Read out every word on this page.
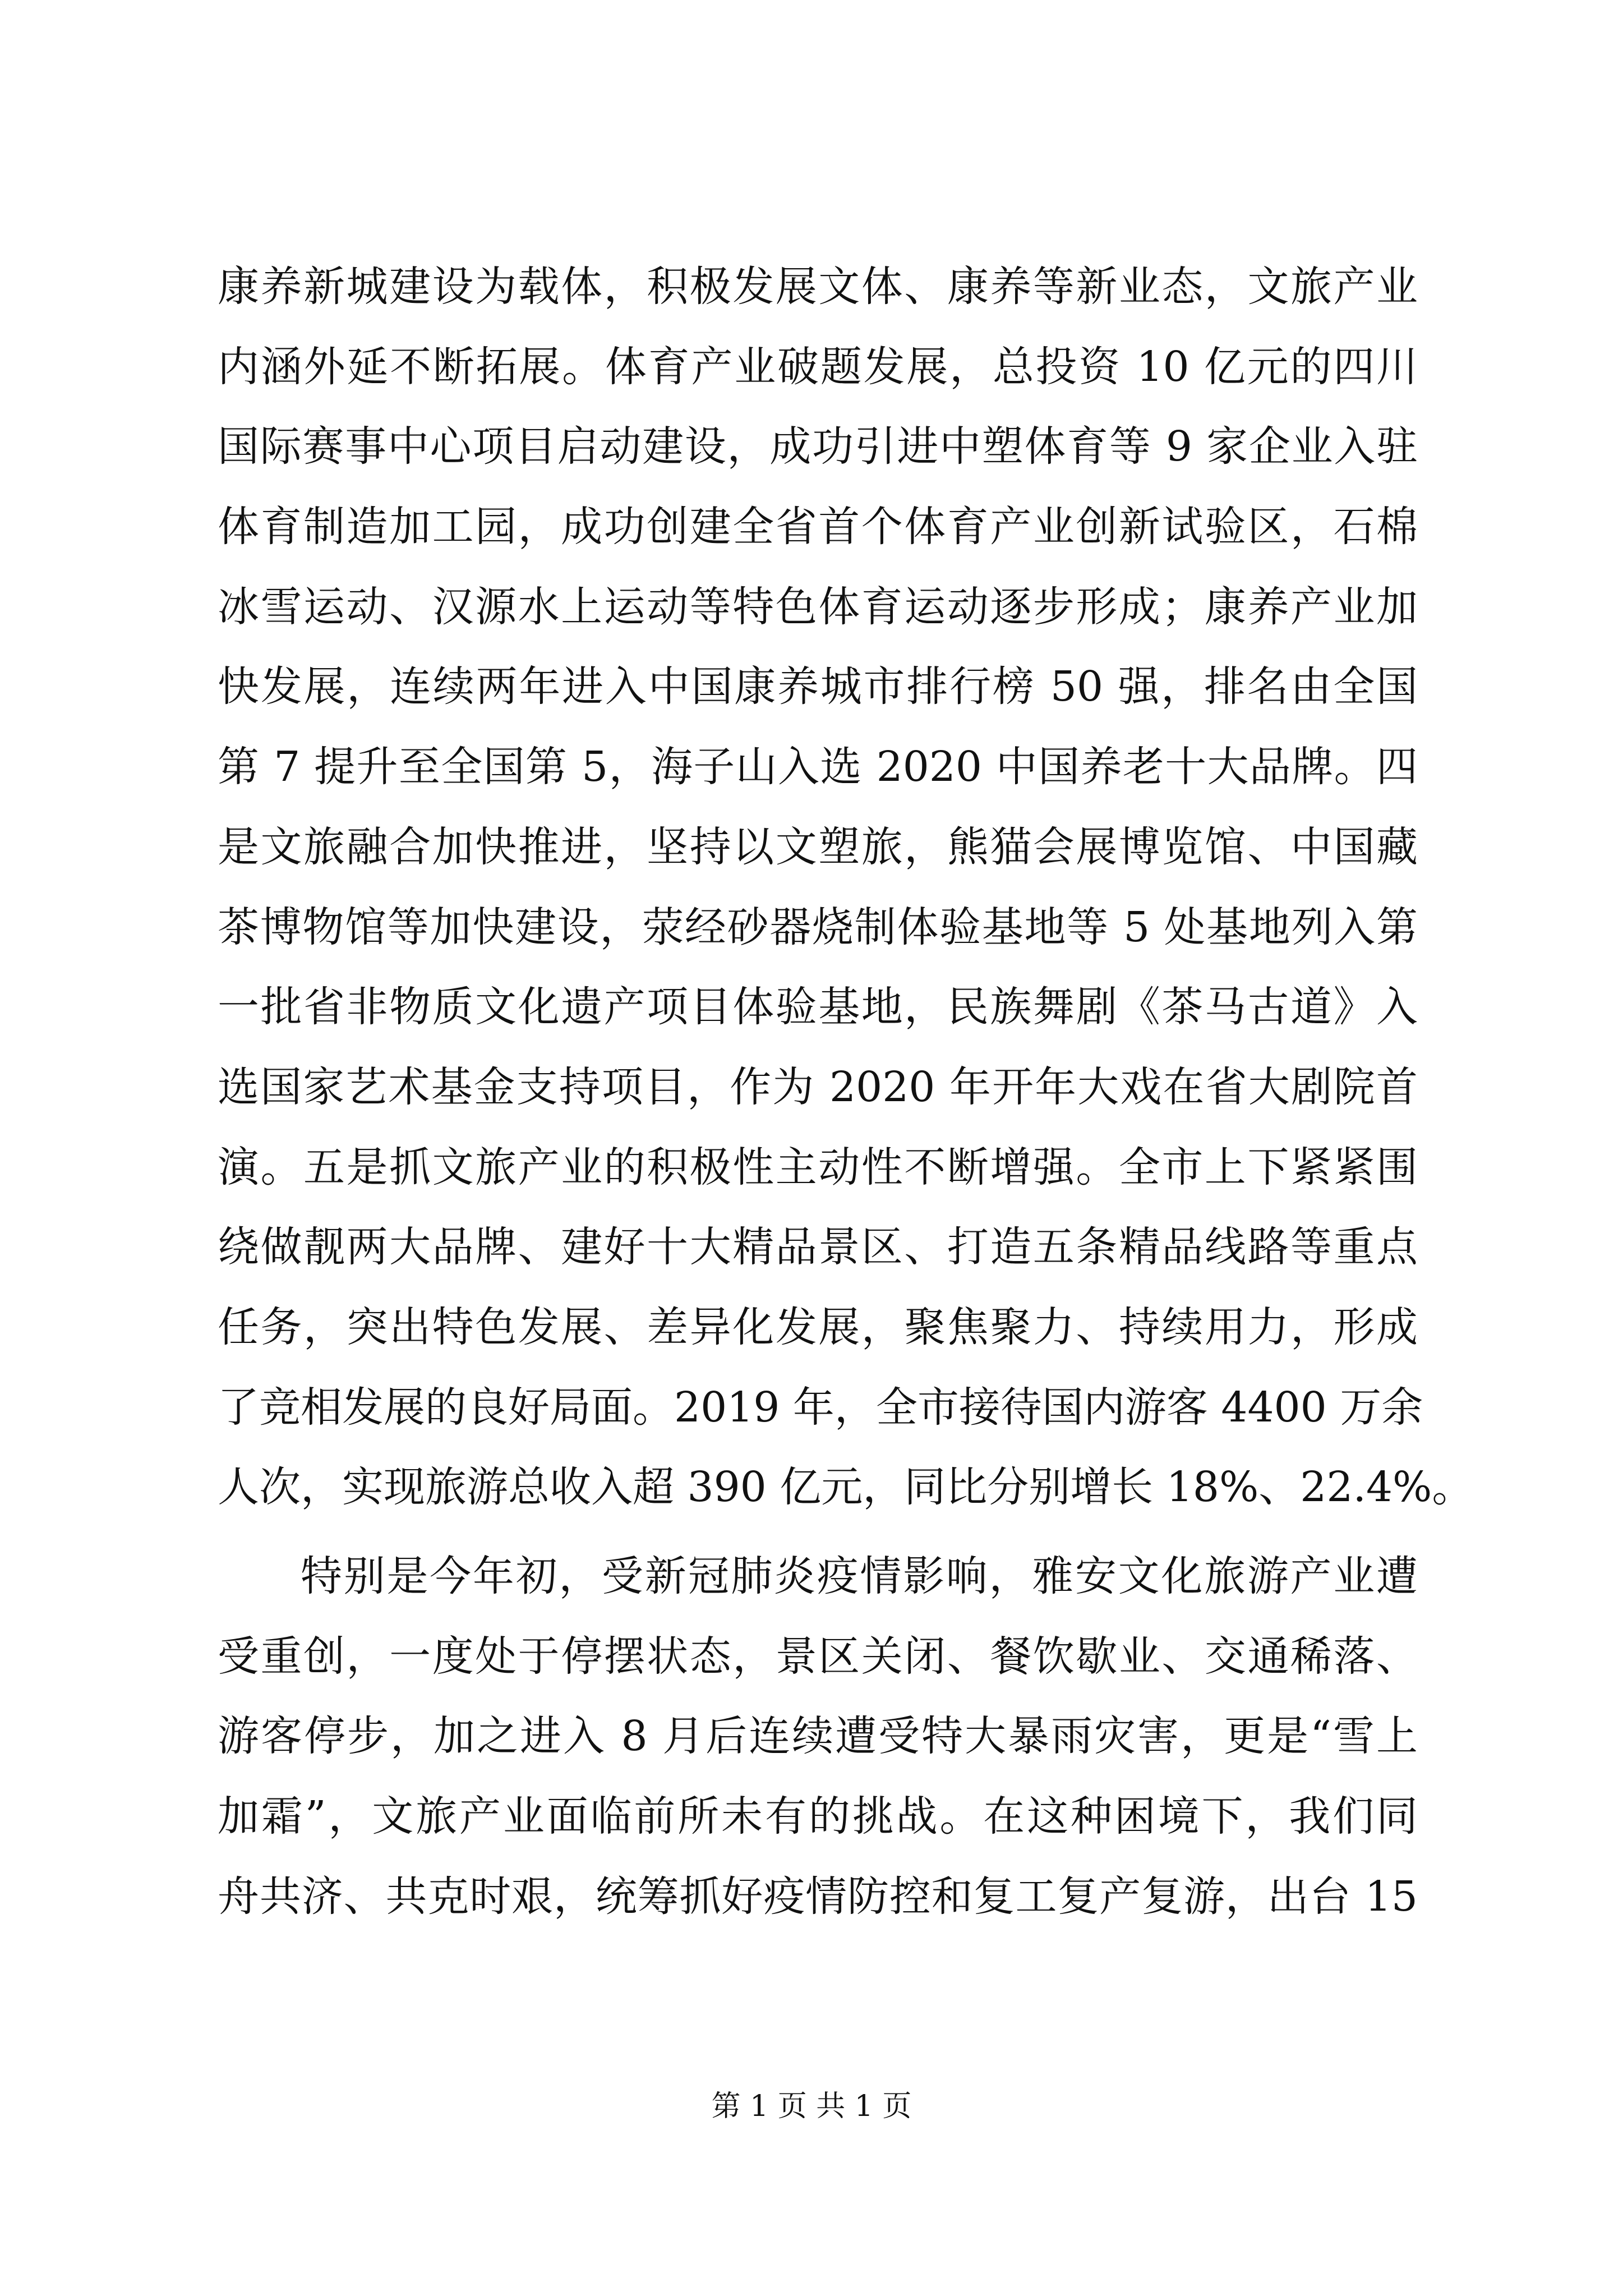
康养新城建设为载体，积极发展文体、康养等新业态，文旅产业
内涵外延不断拓展。体育产业破题发展，总投资 10 亿元的四川
国际赛事中心项目启动建设，成功引进中塑体育等 9 家企业入驻
体育制造加工园，成功创建全省首个体育产业创新试验区，石棉
冰雪运动、汉源水上运动等特色体育运动逐步形成；康养产业加
快发展，连续两年进入中国康养城市排行榜 50 强，排名由全国
第 7 提升至全国第 5，海子山入选 2020 中国养老十大品牌。四
是文旅融合加快推进，坚持以文塑旅，熊猫会展博览馆、中国藏
茶博物馆等加快建设，荥经砂器烧制体验基地等 5 处基地列入第
一批省非物质文化遗产项目体验基地，民族舞剧《茶马古道》入
选国家艺术基金支持项目，作为 2020 年开年大戏在省大剧院首
演。五是抓文旅产业的积极性主动性不断增强。全市上下紧紧围
绕做靓两大品牌、建好十大精品景区、打造五条精品线路等重点
任务，突出特色发展、差异化发展，聚焦聚力、持续用力，形成
了竞相发展的良好局面。2019 年，全市接待国内游客 4400 万余
人次，实现旅游总收入超 390 亿元，同比分别增长 18%、22.4%。
特别是今年初，受新冠肺炎疫情影响，雅安文化旅游产业遭
受重创，一度处于停摆状态，景区关闭、餐饮歇业、交通稀落、
游客停步，加之进入 8 月后连续遭受特大暴雨灾害，更是“雪上
加霜”，文旅产业面临前所未有的挑战。在这种困境下，我们同
舟共济、共克时艰，统筹抓好疫情防控和复工复产复游，出台 15
第 1 页 共 1 页
